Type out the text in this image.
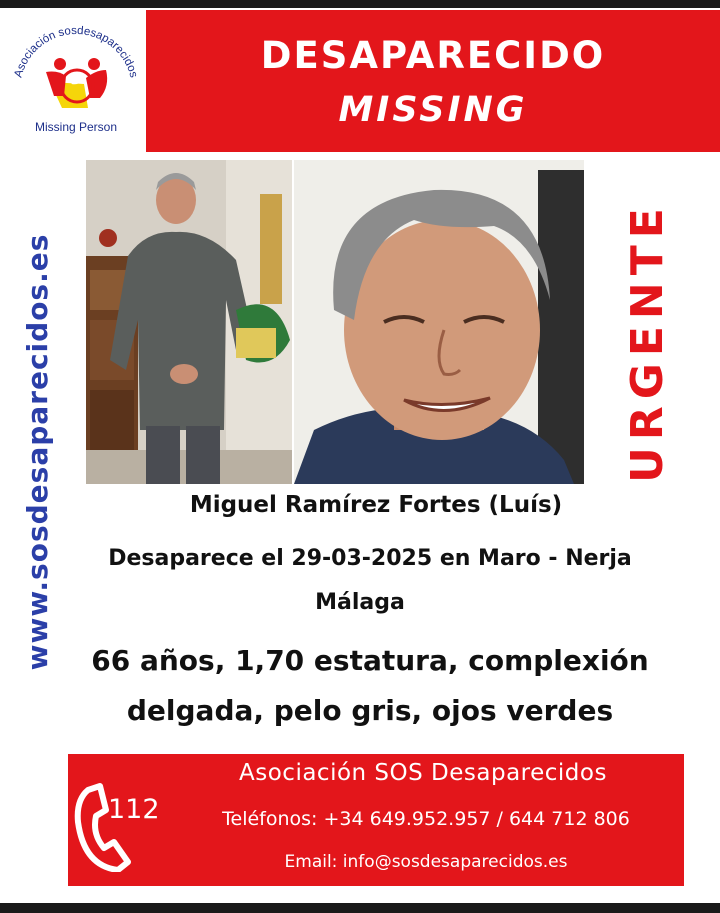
Asociación sosdesaparecidos
Missing Person
DESAPARECIDO
MISSING
www.sosdesaparecidos.es	URGENTE
Miguel Ramírez Fortes (Luís)
Desaparece el 29-03-2025 en Maro - Nerja
Málaga
66 años, 1,70 estatura, complexión
delgada, pelo gris, ojos verdes
112
Asociación SOS Desaparecidos
Teléfonos: +34 649.952.957 / 644 712 806
Email: info@sosdesaparecidos.es
